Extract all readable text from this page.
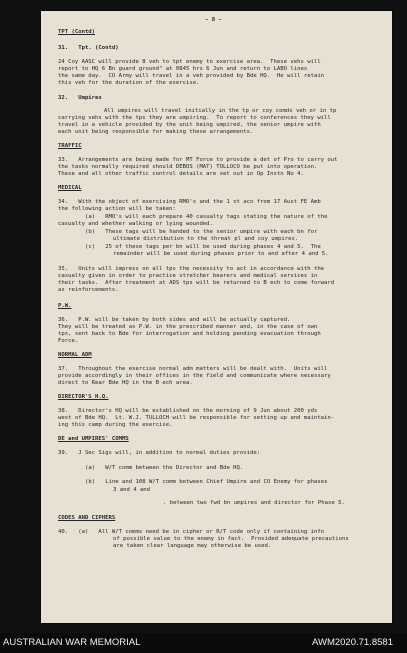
- 8 -
TPT (Contd)
31.   Tpt. (Contd)
24 Coy AASC will provide 8 veh to tpt enemy to exercise area.  These vehs will
report to HQ 6 Bn guard ground" at 0845 hrs 6 Jun and return to LABO lines
the same day.  CO Army will travel in a veh provided by Bde HQ.  He will retain
this veh for the duration of the exercise.
32.   Umpires
All umpires will travel initially in the tp or coy comds veh or in tp
carrying vehs with the tps they are umpiring.  To report to conferences they will
travel in a vehicle provided by the unit being umpired, the senior umpire with
each unit being responsible for making these arrangements.
TRAFFIC
33.   Arrangements are being made for MT Force to provide a det of Pro to carry out
the tasks normally required should DEBOS (MAT) TOLLOCO be put into operation.
These and all other traffic control details are set out in Op Instn No 4.
MEDICAL
34.   With the object of exercising RMO's and the 1 st aco from 17 Aust FE Amb
the following action will be taken:
(a)   RMO's will each prepare 40 casualty tags stating the nature of the
casualty and whether walking or lying wounded.
(b)   These tags will be handed to the senior umpire with each bn for
ultimate distribution to the threat pl and coy umpires.
(c)   25 of these tags per bn will be used during phases 4 and 5.  The
remainder will be used during phases prior to and after 4 and 5.
35.   Units will impress on all tps the necessity to act in accordance with the
casualty given in order to practice stretcher bearers and medical services in
their tasks.  After treatment at ADS tps will be returned to B ech to come forward
as reinforcements.
P.W.
36.   P.W. will be taken by both sides and will be actually captured.
They will be treated as P.W. in the prescribed manner and, in the case of own
tps, sent back to Bde for interrogation and holding pending evacuation through
Force.
NORMAL ADM
37.   Throughout the exercise normal adm matters will be dealt with.  Units will
provide accordingly in their offices in the field and communicate where necessary
direct to Rear Bde HQ in the B ech area.
DIRECTOR'S H.Q.
38.   Director's HQ will be established on the morning of 9 Jun about 200 yds
west of Bde HQ.  Lt. W.J. TULLOCH will be responsible for setting up and maintain-
ing this camp during the exercise.
DE and UMPIRES' COMMS
39.   J Sec Sigs will, in addition to normal duties provide:
(a)   W/T comm between the Director and Bde HQ.
(b)   Line and 108 W/T comm between Chief Umpire and CO Enemy for phases
3 and 4 and
. between two fwd bn umpires and director for Phase 5.
CODES AND CIPHERS
40.   (a)   All W/T comms need be in cipher or R/T code only if containing info
of possible value to the enemy in fact.  Provided adequate precautions
are taken clear language may otherwise be used.
AUSTRALIAN WAR MEMORIAL	AWM2020.71.8581
